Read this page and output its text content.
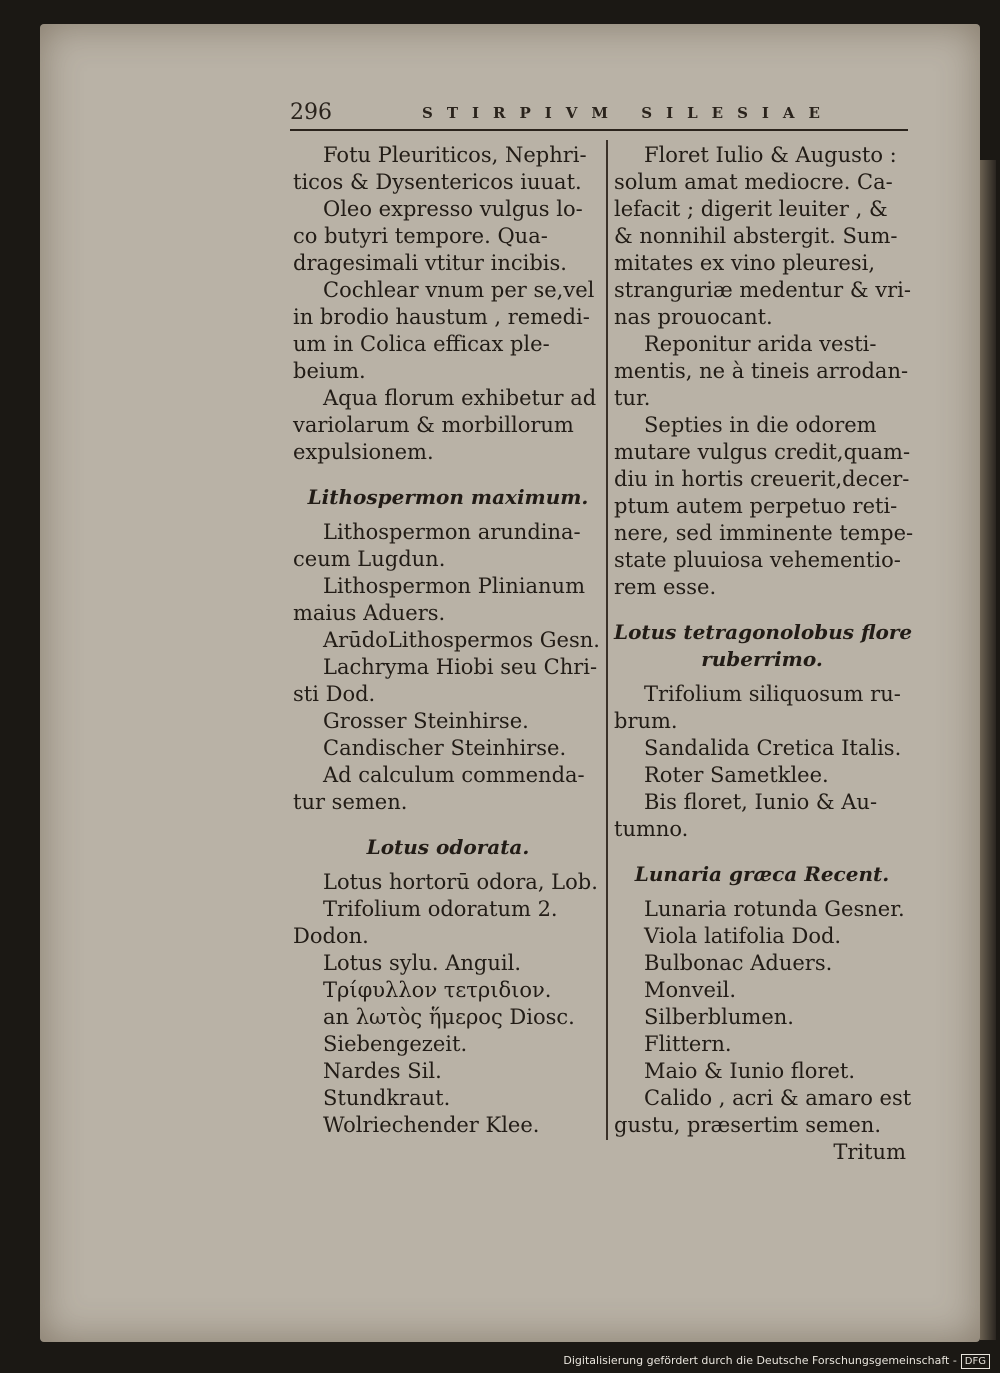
296	STIRPIVM SILESIAE
Fotu Pleuriticos, Nephri-
ticos & Dysentericos iuuat.
Oleo expresso vulgus lo-
co butyri tempore. Qua-
dragesimali vtitur incibis.
Cochlear vnum per se,vel
in brodio haustum , remedi-
um in Colica efficax ple-
beium.
Aqua florum exhibetur ad
variolarum & morbillorum
expulsionem.
Lithospermon maximum.
Lithospermon arundina-
ceum Lugdun.
Lithospermon Plinianum
maius Aduers.
ArūdoLithospermos Gesn.
Lachryma Hiobi seu Chri-
sti Dod.
Grosser Steinhirse.
Candischer Steinhirse.
Ad calculum commenda-
tur semen.
Lotus odorata.
Lotus hortorū odora, Lob.
Trifolium odoratum 2.
Dodon.
Lotus sylu. Anguil.
Τρίφυλλον τετριδιον.
an λωτὸς ἥμερος Diosc.
Siebengezeit.
Nardes Sil.
Stundkraut.
Wolriechender Klee.
Floret Iulio & Augusto :
solum amat mediocre. Ca-
lefacit ; digerit leuiter , &
& nonnihil abstergit. Sum-
mitates ex vino pleuresi,
stranguriæ medentur & vri-
nas prouocant.
Reponitur arida vesti-
mentis, ne à tineis arrodan-
tur.
Septies in die odorem
mutare vulgus credit,quam-
diu in hortis creuerit,decer-
ptum autem perpetuo reti-
nere, sed imminente tempe-
state pluuiosa vehementio-
rem esse.
Lotus tetragonolobus flore
ruberrimo.
Trifolium siliquosum ru-
brum.
Sandalida Cretica Italis.
Roter Sametklee.
Bis floret, Iunio & Au-
tumno.
Lunaria græca Recent.
Lunaria rotunda Gesner.
Viola latifolia Dod.
Bulbonac Aduers.
Monveil.
Silberblumen.
Flittern.
Maio & Iunio floret.
Calido , acri & amaro est
gustu, præsertim semen.
Tritum
Digitalisierung gefördert durch die Deutsche Forschungsgemeinschaft - DFG
